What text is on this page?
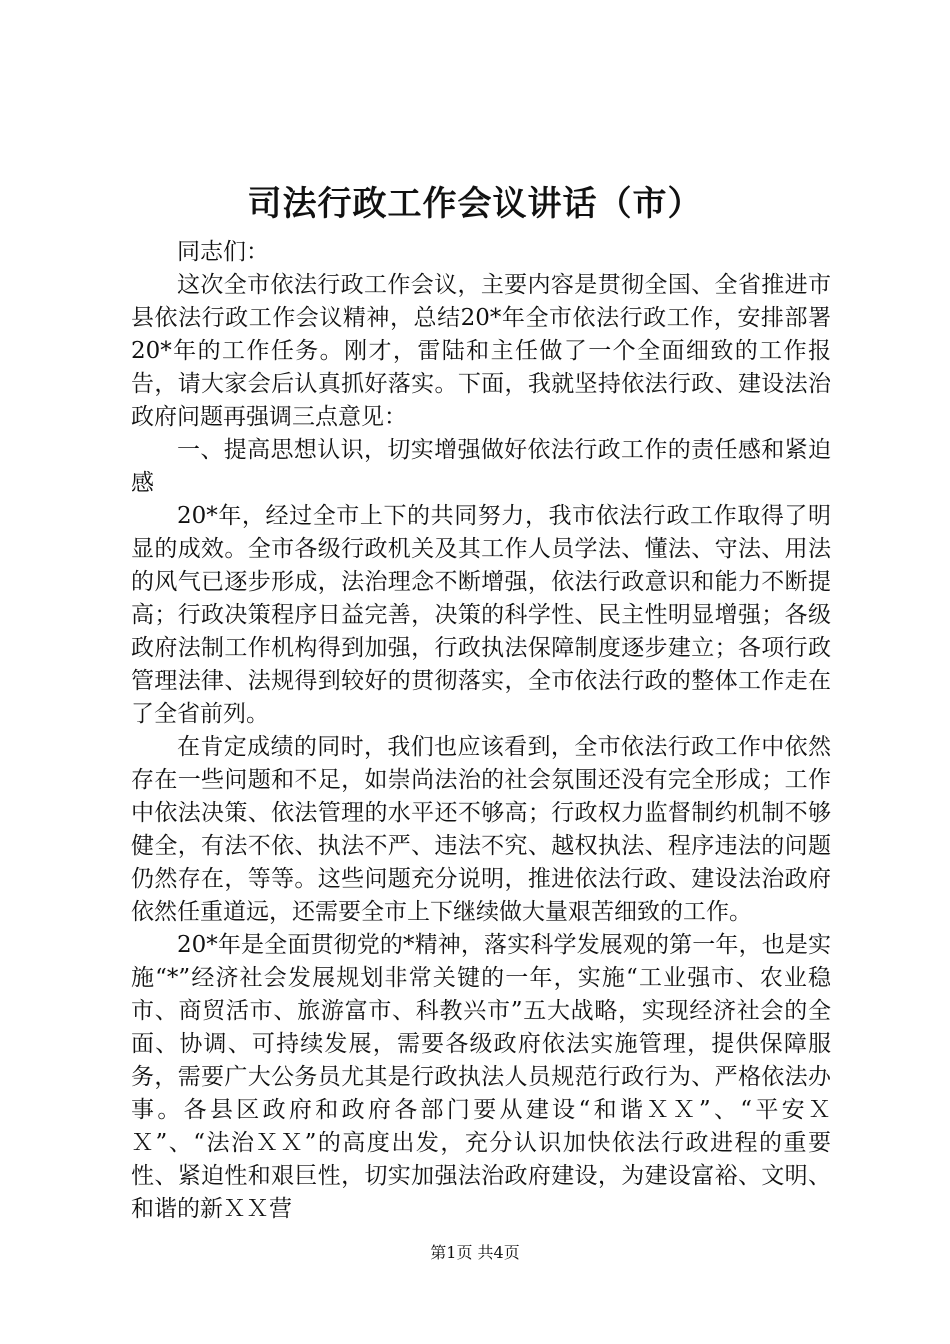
司法行政工作会议讲话（市）

同志们：

这次全市依法行政工作会议，主要内容是贯彻全国、全省推进市县依法行政工作会议精神，总结20*年全市依法行政工作，安排部署20*年的工作任务。刚才，雷陆和主任做了一个全面细致的工作报告，请大家会后认真抓好落实。下面，我就坚持依法行政、建设法治政府问题再强调三点意见：

一、提高思想认识，切实增强做好依法行政工作的责任感和紧迫感

20*年，经过全市上下的共同努力，我市依法行政工作取得了明显的成效。全市各级行政机关及其工作人员学法、懂法、守法、用法的风气已逐步形成，法治理念不断增强，依法行政意识和能力不断提高；行政决策程序日益完善，决策的科学性、民主性明显增强；各级政府法制工作机构得到加强，行政执法保障制度逐步建立；各项行政管理法律、法规得到较好的贯彻落实，全市依法行政的整体工作走在了全省前列。

在肯定成绩的同时，我们也应该看到，全市依法行政工作中依然存在一些问题和不足，如崇尚法治的社会氛围还没有完全形成；工作中依法决策、依法管理的水平还不够高；行政权力监督制约机制不够健全，有法不依、执法不严、违法不究、越权执法、程序违法的问题仍然存在，等等。这些问题充分说明，推进依法行政、建设法治政府依然任重道远，还需要全市上下继续做大量艰苦细致的工作。

20*年是全面贯彻党的*精神，落实科学发展观的第一年，也是实施“*”经济社会发展规划非常关键的一年，实施“工业强市、农业稳市、商贸活市、旅游富市、科教兴市”五大战略，实现经济社会的全面、协调、可持续发展，需要各级政府依法实施管理，提供保障服务，需要广大公务员尤其是行政执法人员规范行政行为、严格依法办事。各县区政府和政府各部门要从建设“和谐ＸＸ”、“平安ＸＸ”、“法治ＸＸ”的高度出发，充分认识加快依法行政进程的重要性、紧迫性和艰巨性，切实加强法治政府建设，为建设富裕、文明、和谐的新ＸＸ营

第1页 共4页
